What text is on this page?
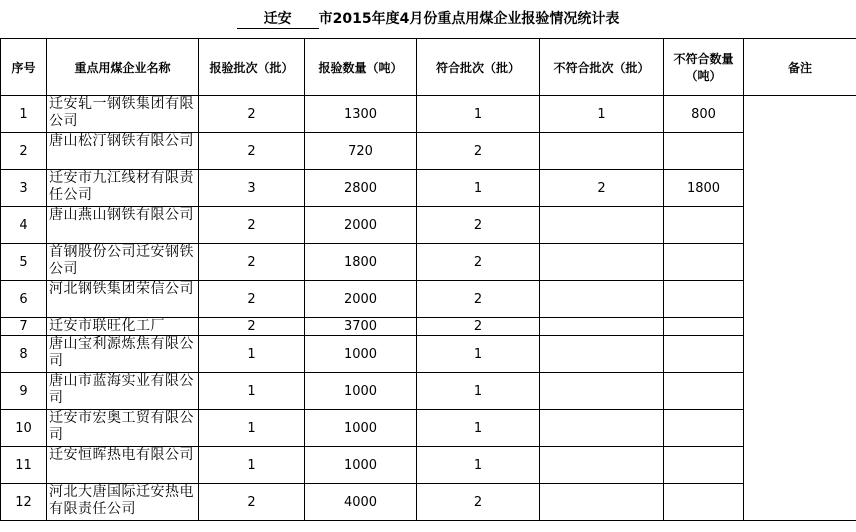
迁安 市2015年度4月份重点用煤企业报验情况统计表
序号	重点用煤企业名称	报验批次（批）	报验数量（吨）	符合批次（批）	不符合批次（批）	不符合数量（吨）	备注
1	迁安轧一钢铁集团有限公司	2	1300	1	1	800	
2	唐山松汀钢铁有限公司	2	720	2			
3	迁安市九江线材有限责任公司	3	2800	1	2	1800	
4	唐山燕山钢铁有限公司	2	2000	2			
5	首钢股份公司迁安钢铁公司	2	1800	2			
6	河北钢铁集团荣信公司	2	2000	2			
7	迁安市联旺化工厂	2	3700	2			
8	唐山宝利源炼焦有限公司	1	1000	1			
9	唐山市蓝海实业有限公司	1	1000	1			
10	迁安市宏奥工贸有限公司	1	1000	1			
11	迁安恒晖热电有限公司	1	1000	1			
12	河北大唐国际迁安热电有限责任公司	2	4000	2			
